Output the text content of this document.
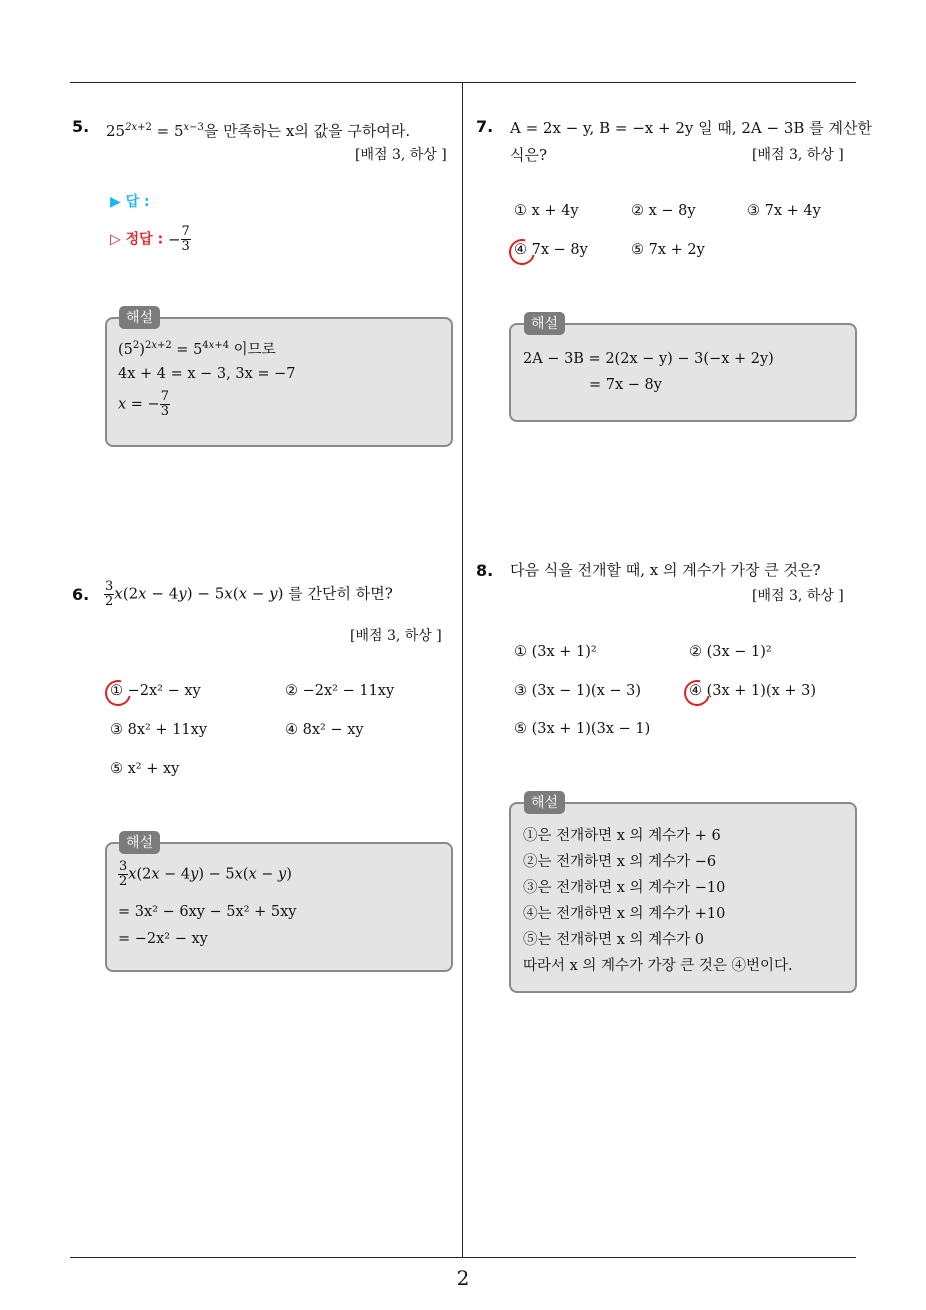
5. $25^{2x+2} = 5^{x-3}$을 만족하는 x의 값을 구하여라.
[배점 3, 하상 ]
▶ 답 :
▷ 정답 : − $\frac{7}{3}$
해설
$(5^2)^{2x+2} = 5^{4x+4}$ 이므로
4x + 4 = x − 3, 3x = −7
x = − $\frac{7}{3}$
6. $\frac{3}{2} x(2x - 4y) - 5x(x - y)$ 를 간단히 하면?
[배점 3, 하상 ]
① −2x² − xy	② −2x² − 11xy
③ 8x² + 11xy	④ 8x² − xy
⑤ x² + xy
해설
$\frac{3}{2} x(2x - 4y) - 5x(x - y)$
= 3x² − 6xy − 5x² + 5xy
= −2x² − xy
7. A = 2x − y, B = −x + 2y 일 때, 2A − 3B 를 계산한
식은?	[배점 3, 하상 ]
① x + 4y	② x − 8y	③ 7x + 4y
④ 7x − 8y	⑤ 7x + 2y
해설
2A − 3B = 2(2x − y) − 3(−x + 2y)
= 7x − 8y
8. 다음 식을 전개할 때, x 의 계수가 가장 큰 것은?
[배점 3, 하상 ]
① (3x + 1)²	② (3x − 1)²
③ (3x − 1)(x − 3)	④ (3x + 1)(x + 3)
⑤ (3x + 1)(3x − 1)
해설
①은 전개하면 x 의 계수가 + 6
②는 전개하면 x 의 계수가 −6
③은 전개하면 x 의 계수가 −10
④는 전개하면 x 의 계수가 +10
⑤는 전개하면 x 의 계수가 0
따라서 x 의 계수가 가장 큰 것은 ④번이다.
2
